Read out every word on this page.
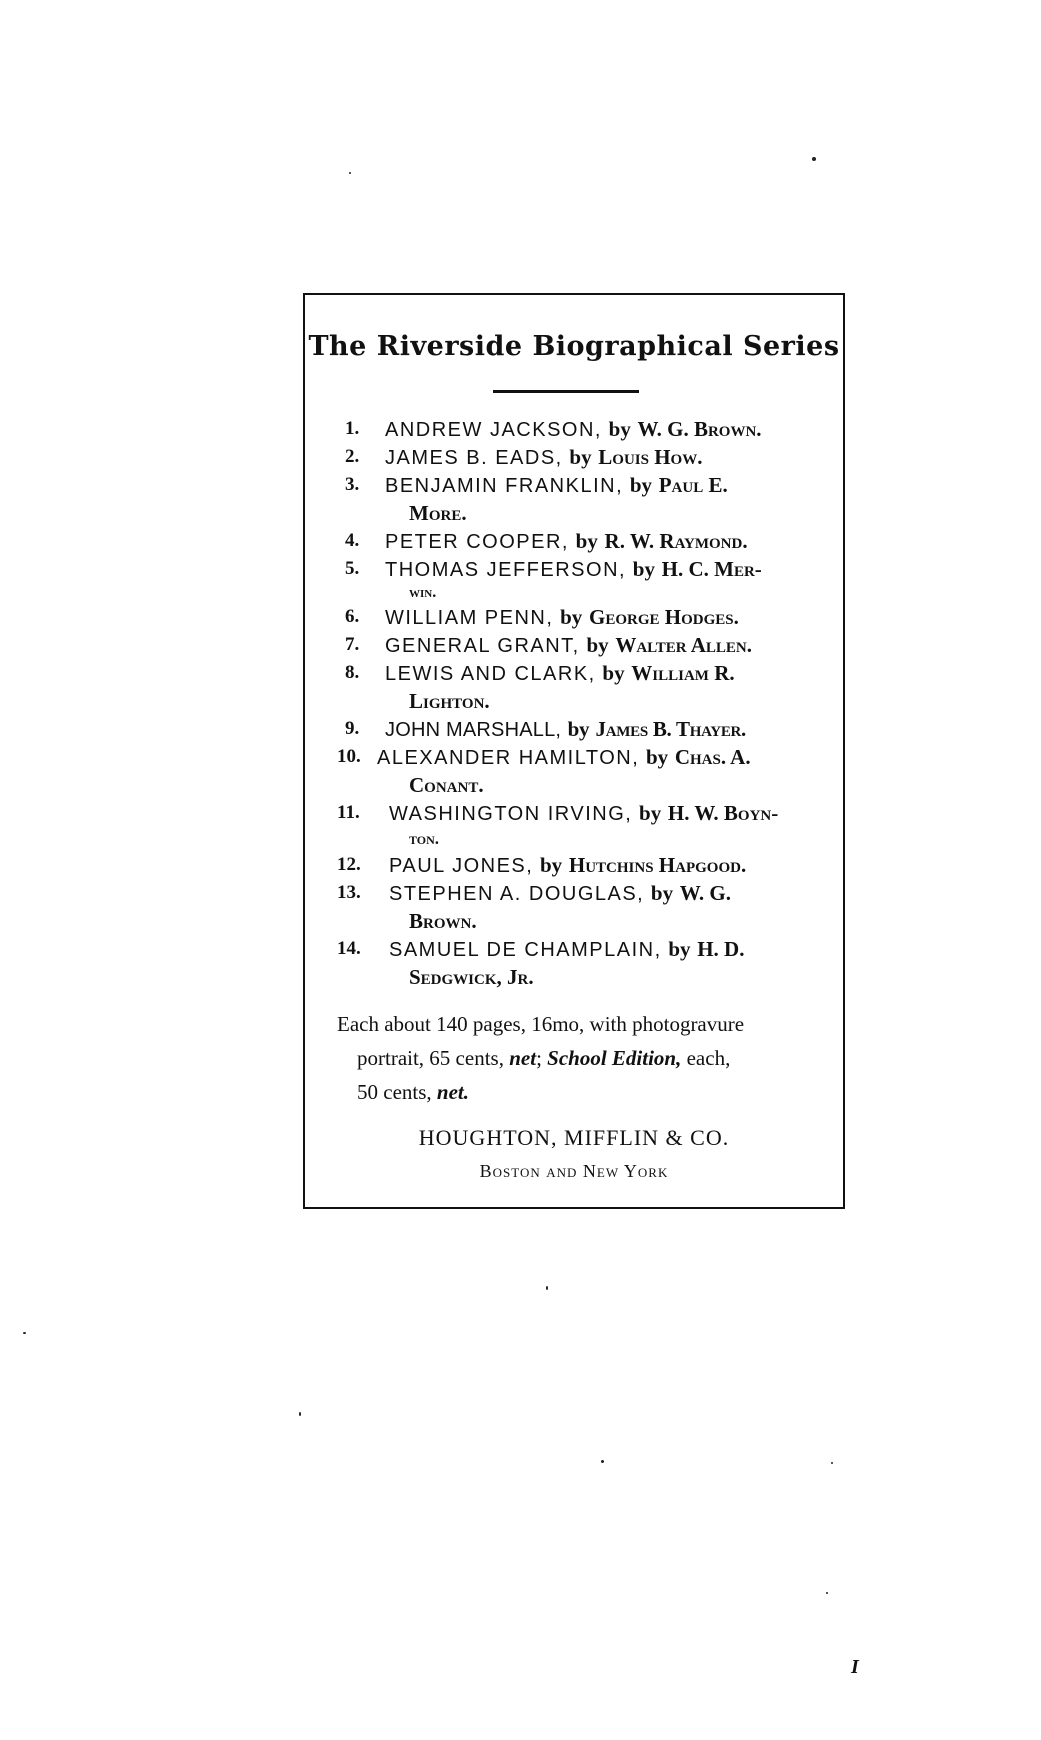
The Riverside Biographical Series
1. ANDREW JACKSON, by W. G. Brown.
2. JAMES B. EADS, by Louis How.
3. BENJAMIN FRANKLIN, by Paul E.
More.
4. PETER COOPER, by R. W. Raymond.
5. THOMAS JEFFERSON, by H. C. Mer-
win.
6. WILLIAM PENN, by George Hodges.
7. GENERAL GRANT, by Walter Allen.
8. LEWIS AND CLARK, by William R.
Lighton.
9. JOHN MARSHALL, by James B. Thayer.
10. ALEXANDER HAMILTON, by Chas. A.
Conant.
11. WASHINGTON IRVING, by H. W. Boyn-
ton.
12. PAUL JONES, by Hutchins Hapgood.
13. STEPHEN A. DOUGLAS, by W. G.
Brown.
14. SAMUEL DE CHAMPLAIN, by H. D.
Sedgwick, Jr.
Each about 140 pages, 16mo, with photogravure
portrait, 65 cents, net; School Edition, each,
50 cents, net.
HOUGHTON, MIFFLIN & CO.
Boston and New York
I
